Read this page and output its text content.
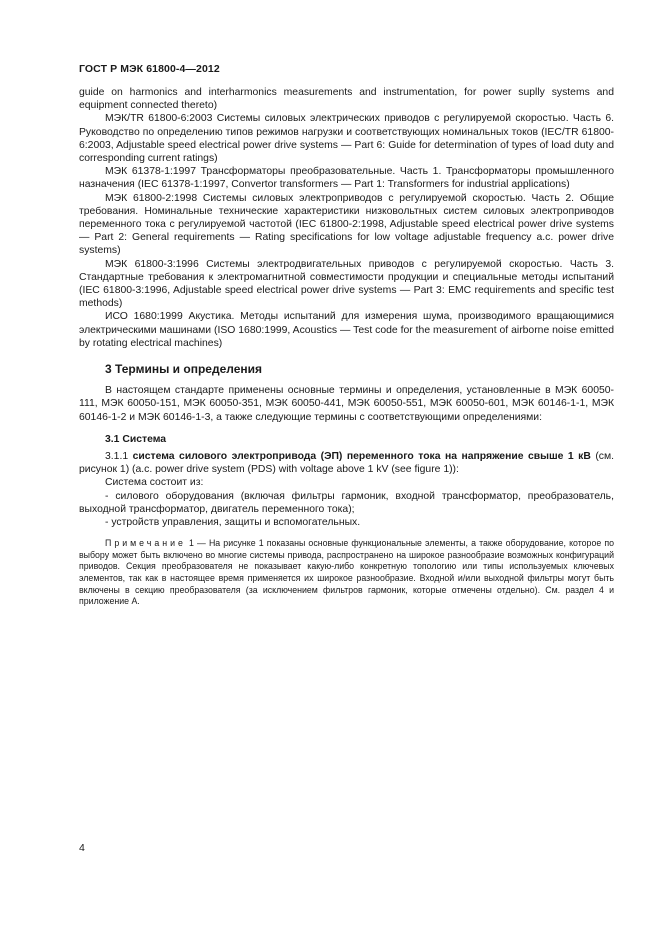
ГОСТ Р МЭК 61800-4—2012

guide on harmonics and interharmonics measurements and instrumentation, for power suplly systems and equipment connected thereto)

МЭК/TR 61800-6:2003 Системы силовых электрических приводов с регулируемой скоростью. Часть 6. Руководство по определению типов режимов нагрузки и соответствующих номинальных токов (IEC/TR 61800-6:2003, Adjustable speed electrical power drive systems — Part 6: Guide for determination of types of load duty and corresponding current ratings)

МЭК 61378-1:1997 Трансформаторы преобразовательные. Часть 1. Трансформаторы промышленного назначения (IEC 61378-1:1997, Convertor transformers — Part 1: Transformers for industrial applications)

МЭК 61800-2:1998 Системы силовых электроприводов с регулируемой скоростью. Часть 2. Общие требования. Номинальные технические характеристики низковольтных систем силовых электроприводов переменного тока с регулируемой частотой (IEC 61800-2:1998, Adjustable speed electrical power drive systems — Part 2: General requirements — Rating specifications for low voltage adjustable frequency a.c. power drive systems)

МЭК 61800-3:1996 Системы электродвигательных приводов с регулируемой скоростью. Часть 3. Стандартные требования к электромагнитной совместимости продукции и специальные методы испытаний (IEC 61800-3:1996, Adjustable speed electrical power drive systems — Part 3: EMC requirements and specific test methods)

ИСО 1680:1999 Акустика. Методы испытаний для измерения шума, производимого вращающимися электрическими машинами (ISO 1680:1999, Acoustics — Test code for the measurement of airborne noise emitted by rotating electrical machines)

3 Термины и определения

В настоящем стандарте применены основные термины и определения, установленные в МЭК 60050-111, МЭК 60050-151, МЭК 60050-351, МЭК 60050-441, МЭК 60050-551, МЭК 60050-601, МЭК 60146-1-1, МЭК 60146-1-2 и МЭК 60146-1-3, а также следующие термины с соответствующими определениями:

3.1 Система

3.1.1 система силового электропривода (ЭП) переменного тока на напряжение свыше 1 кВ (см. рисунок 1) (a.c. power drive system (PDS) with voltage above 1 kV (see figure 1)):

Система состоит из:

- силового оборудования (включая фильтры гармоник, входной трансформатор, преобразователь, выходной трансформатор, двигатель переменного тока);

- устройств управления, защиты и вспомогательных.

Примечание 1 — На рисунке 1 показаны основные функциональные элементы, а также оборудование, которое по выбору может быть включено во многие системы привода, распространено на широкое разнообразие возможных конфигураций приводов. Секция преобразователя не показывает какую-либо конкретную топологию или типы используемых ключевых элементов, так как в настоящее время применяется их широкое разнообразие. Входной и/или выходной фильтры могут быть включены в секцию преобразователя (за исключением фильтров гармоник, которые отмечены отдельно). См. раздел 4 и приложение А.

4
